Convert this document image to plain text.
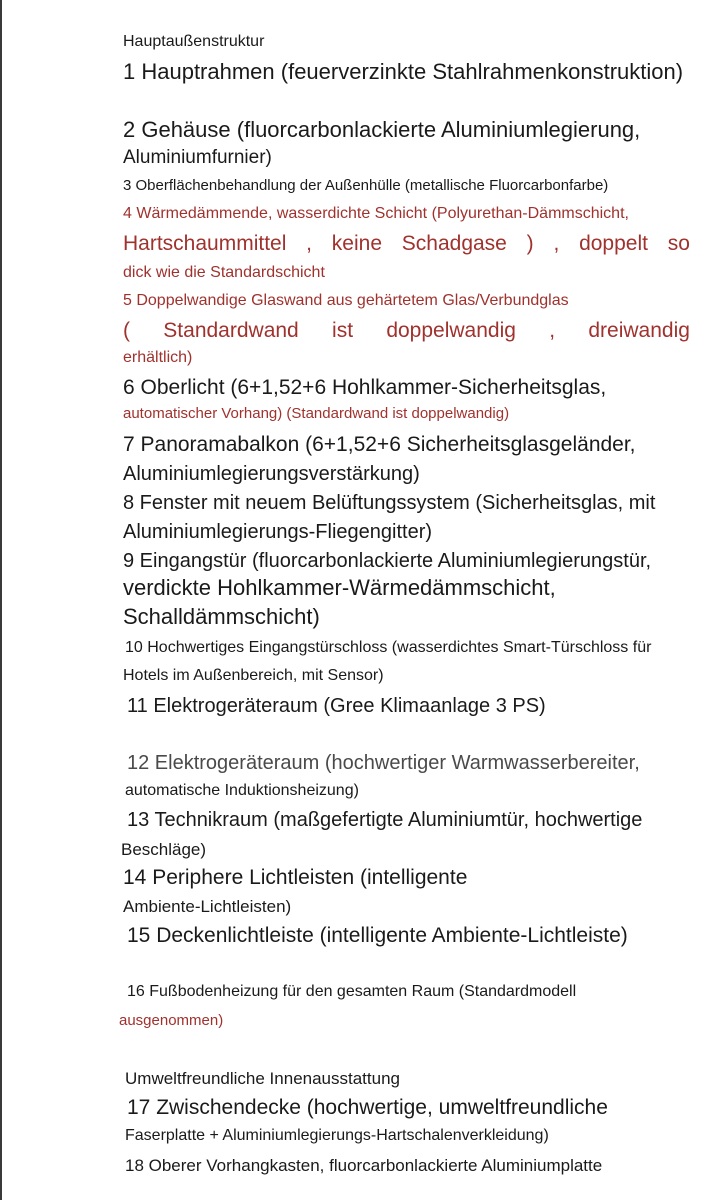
Hauptaußenstruktur
1 Hauptrahmen (feuerverzinkte Stahlrahmenkonstruktion)
2 Gehäuse (fluorcarbonlackierte Aluminiumlegierung,
Aluminiumfurnier)
3 Oberflächenbehandlung der Außenhülle (metallische Fluorcarbonfarbe)
4 Wärmedämmende, wasserdichte Schicht (Polyurethan-Dämmschicht,
Hartschaummittel , keine Schadgase ) , doppelt so
dick wie die Standardschicht
5 Doppelwandige Glaswand aus gehärtetem Glas/Verbundglas
( Standardwand ist doppelwandig , dreiwandig
erhältlich)
6 Oberlicht (6+1,52+6 Hohlkammer-Sicherheitsglas,
automatischer Vorhang) (Standardwand ist doppelwandig)
7 Panoramabalkon (6+1,52+6 Sicherheitsglasgeländer,
Aluminiumlegierungsverstärkung)
8 Fenster mit neuem Belüftungssystem (Sicherheitsglas, mit
Aluminiumlegierungs-Fliegengitter)
9 Eingangstür (fluorcarbonlackierte Aluminiumlegierungstür,
verdickte Hohlkammer-Wärmedämmschicht,
Schalldämmschicht)
10 Hochwertiges Eingangstürschloss (wasserdichtes Smart-Türschloss für
Hotels im Außenbereich, mit Sensor)
11 Elektrogeräteraum (Gree Klimaanlage 3 PS)
12 Elektrogeräteraum (hochwertiger Warmwasserbereiter,
automatische Induktionsheizung)
13 Technikraum (maßgefertigte Aluminiumtür, hochwertige
Beschläge)
14 Periphere Lichtleisten (intelligente
Ambiente-Lichtleisten)
15 Deckenlichtleiste (intelligente Ambiente-Lichtleiste)
16 Fußbodenheizung für den gesamten Raum (Standardmodell
ausgenommen)
Umweltfreundliche Innenausstattung
17 Zwischendecke (hochwertige, umweltfreundliche
Faserplatte + Aluminiumlegierungs-Hartschalenverkleidung)
18 Oberer Vorhangkasten, fluorcarbonlackierte Aluminiumplatte
